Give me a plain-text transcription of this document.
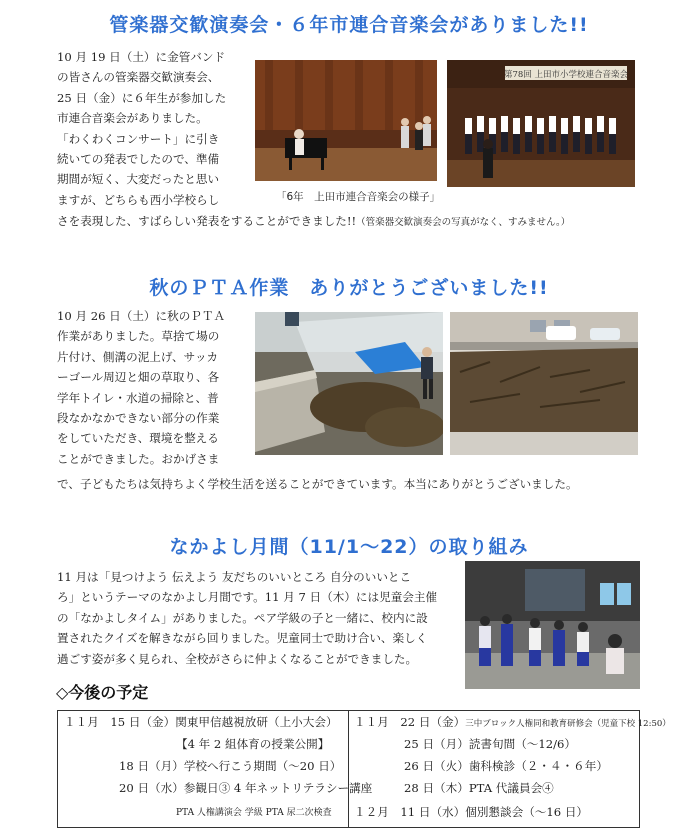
管楽器交歓演奏会・６年市連合音楽会がありました!!

10 月 19 日（土）に金管バンド

の皆さんの管楽器交歓演奏会、

25 日（金）に６年生が参加した

市連合音楽会がありました。

「わくわくコンサート」に引き

続いての発表でしたので、準備

期間が短く、大変だったと思い

ますが、どちらも西小学校らし

さを表現した、すばらしい発表をすることができました!!（管楽器交歓演奏会の写真がなく、すみません。）

第78回 上田市小学校連合音楽会
「6年　上田市連合音楽会の様子」
秋のＰＴＡ作業　ありがとうございました!!

10 月 26 日（土）に秋のＰＴＡ

作業がありました。草捨て場の

片付け、側溝の泥上げ、サッカ

ーゴール周辺と畑の草取り、各

学年トイレ・水道の掃除と、普

段なかなかできない部分の作業

をしていただき、環境を整える

ことができました。おかげさま

で、子どもたちは気持ちよく学校生活を送ることができています。本当にありがとうございました。

なかよし月間（11/1～22）の取り組み

11 月は「見つけよう 伝えよう 友だちのいいところ 自分のいいとこ

ろ」というテーマのなかよし月間です。11 月 7 日（木）には児童会主催

の「なかよしタイム」がありました。ペア学級の子と一緒に、校内に設

置されたクイズを解きながら回りました。児童同士で助け合い、楽しく

過ごす姿が多く見られ、全校がさらに仲よくなることができました。

◇今後の予定
１１月　 15 日（金）関東甲信越視放研（上小大会）
【4 年 2 組体育の授業公開】
18 日（月）学校へ行こう期間（～20 日）
20 日（水）参観日③ 4 年ネットリテラシー講座
PTA 人権講演会 学級 PTA 尿二次検査
１１月　 22 日（金）三中ブロック人権同和教育研修会（児童下校 12:50）
25 日（月）読書旬間（～12/6）
26 日（火）歯科検診（２・４・６年）
28 日（木）PTA 代議員会④
１２月　 11 日（水）個別懇談会（～16 日）
